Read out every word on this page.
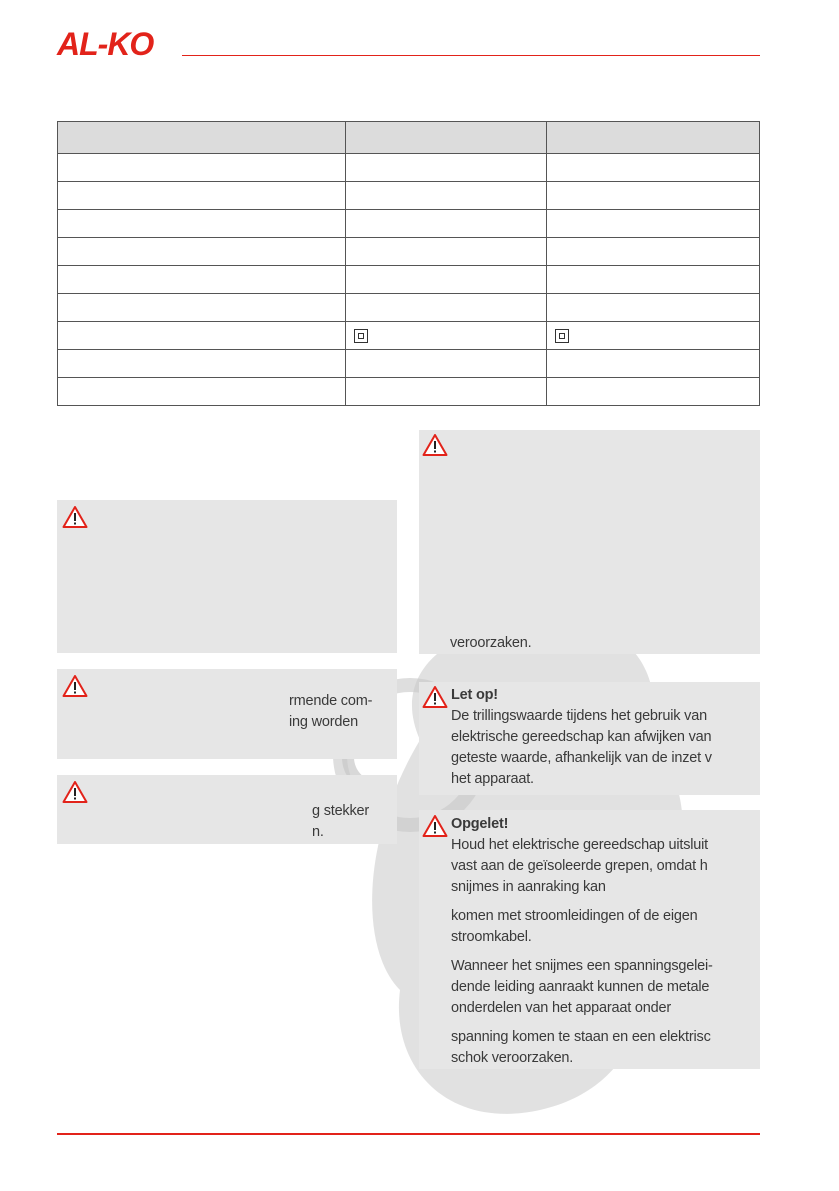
AL-KO

rmende com-

ing worden

g stekker

n.

veroorzaken.

Let op!

De trillingswaarde tijdens het gebruik van

elektrische gereedschap kan afwijken van

geteste waarde, afhankelijk van de inzet v

het apparaat.

Opgelet!

Houd het elektrische gereedschap uitsluit

vast aan de geïsoleerde grepen, omdat h

snijmes in aanraking kan

komen met stroomleidingen of de eigen

stroomkabel.

Wanneer het snijmes een spanningsgelei-

dende leiding aanraakt kunnen de metale

onderdelen van het apparaat onder

spanning komen te staan en een elektrisc

schok veroorzaken.
